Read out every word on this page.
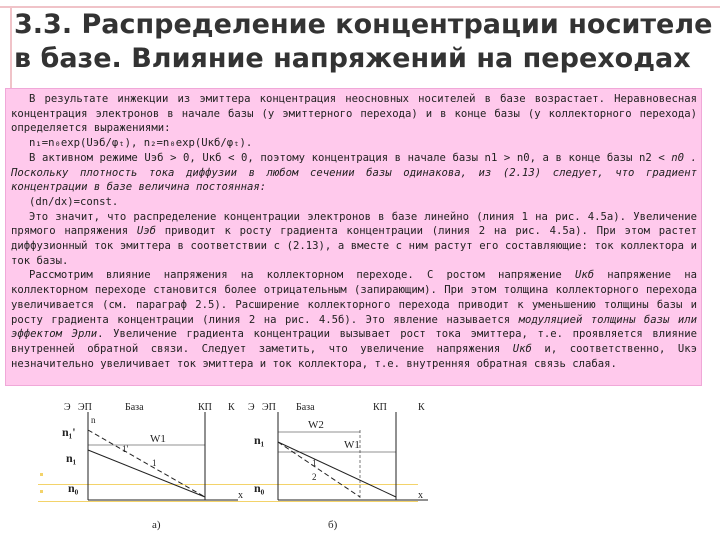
3.3. Распределение концентрации носителе
в базе. Влияние напряжений на переходах

В результате инжекции из эмиттера концентрация неосновных носителей в базе возрастает. Неравновесная концентрация электронов в начале базы (у эмиттерного перехода) и в конце базы (у коллекторного перехода) определяется выражениями:

n₁=n₀exp(Uэб/φₜ), n₂=n₀exp(Uкб/φₜ).

В активном режиме Uэб > 0, Uкб < 0, поэтому концентрация в начале базы n1 > n0, а в конце базы n2 < n0 . Поскольку плотность тока диффузии в любом сечении базы одинакова, из (2.13) следует, что градиент концентрации в базе величина постоянная:

(dn/dx)=const.

Это значит, что распределение концентрации электронов в базе линейно (линия 1 на рис. 4.5а). Увеличение прямого напряжения Uэб приводит к росту градиента концентрации (линия 2 на рис. 4.5а). При этом растет диффузионный ток эмиттера в соответствии с (2.13), а вместе с ним растут его составляющие: ток коллектора и ток базы.

Рассмотрим влияние напряжения на коллекторном переходе. С ростом напряжение Uкб напряжение на коллекторном переходе становится более отрицательным (запирающим). При этом толщина коллекторного перехода увеличивается (см. параграф 2.5). Расширение коллекторного перехода приводит к уменьшению толщины базы и росту градиента концентрации (линия 2 на рис. 4.5б). Это явление называется модуляцией толщины базы или эффектом Эрли. Увеличение градиента концентрации вызывает рост тока эмиттера, т.е. проявляется влияние внутренней обратной связи. Следует заметить, что увеличение напряжения Uкб и, соответственно, Uкэ незначительно увеличивает ток эмиттера и ток коллектора, т.е. внутренняя обратная связь слабая.

Э ЭП	База	КП К
n
n₁'
n₁
n₀
W1
1
1'
x
а)
Э ЭП База	КП	К
n₁
n₀
W2
W1
1
2
x
б)
